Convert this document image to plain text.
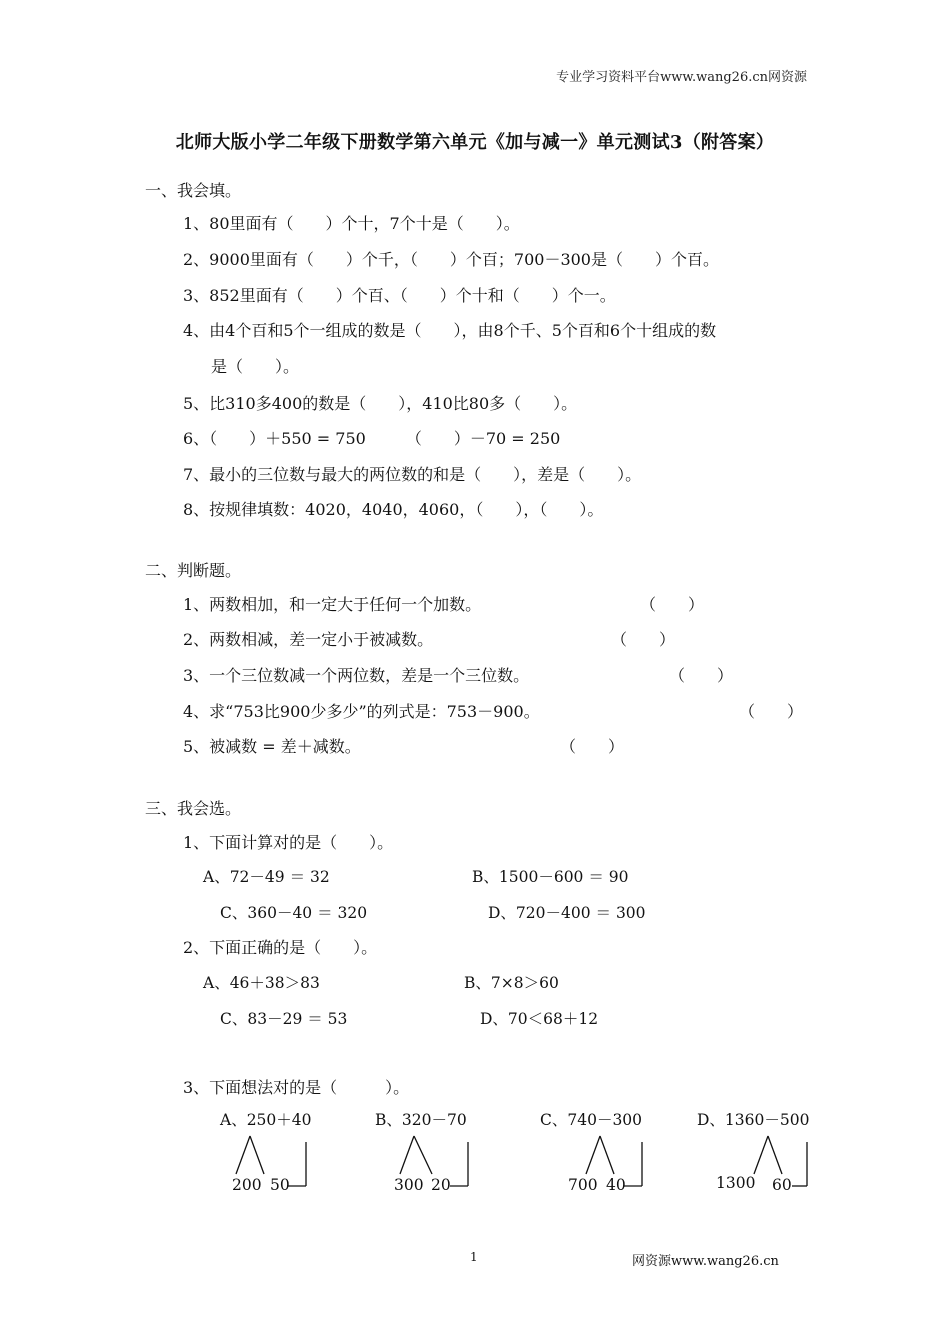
专业学习资料平台www.wang26.cn网资源
北师大版小学二年级下册数学第六单元《加与减一》单元测试3（附答案）
一、我会填。
1、80里面有（　　）个十，7个十是（　　）。
2、9000里面有（　　）个千，（　　）个百；700－300是（　　）个百。
3、852里面有（　　）个百、（　　）个十和（　　）个一。
4、由4个百和5个一组成的数是（　　），由8个千、5个百和6个十组成的数
是（　　）。
5、比310多400的数是（　　），410比80多（　　）。
6、（　　）＋550 = 750　　　（　　）－70 = 250
7、最小的三位数与最大的两位数的和是（　　），差是（　　）。
8、按规律填数：4020，4040，4060，（　　），（　　）。
二、判断题。
1、两数相加，和一定大于任何一个加数。	（　　）
2、两数相减，差一定小于被减数。	（　　）
3、一个三位数减一个两位数，差是一个三位数。	（　　）
4、求“753比900少多少”的列式是：753－900。	（　　）
5、被减数 = 差＋减数。	（　　）
三、我会选。
1、下面计算对的是（　　）。
A、72－49 ＝ 32	B、1500－600 ＝ 90
C、360－40 ＝ 320	D、720－400 ＝ 300
2、下面正确的是（　　）。
A、46＋38＞83	B、7×8＞60
C、83－29 ＝ 53	D、70＜68＋12
3、下面想法对的是（　　　）。
A、250＋40
200 50
B、320－70
300 20
C、740－300
700 40
D、1360－500
1300 60
1	网资源www.wang26.cn
